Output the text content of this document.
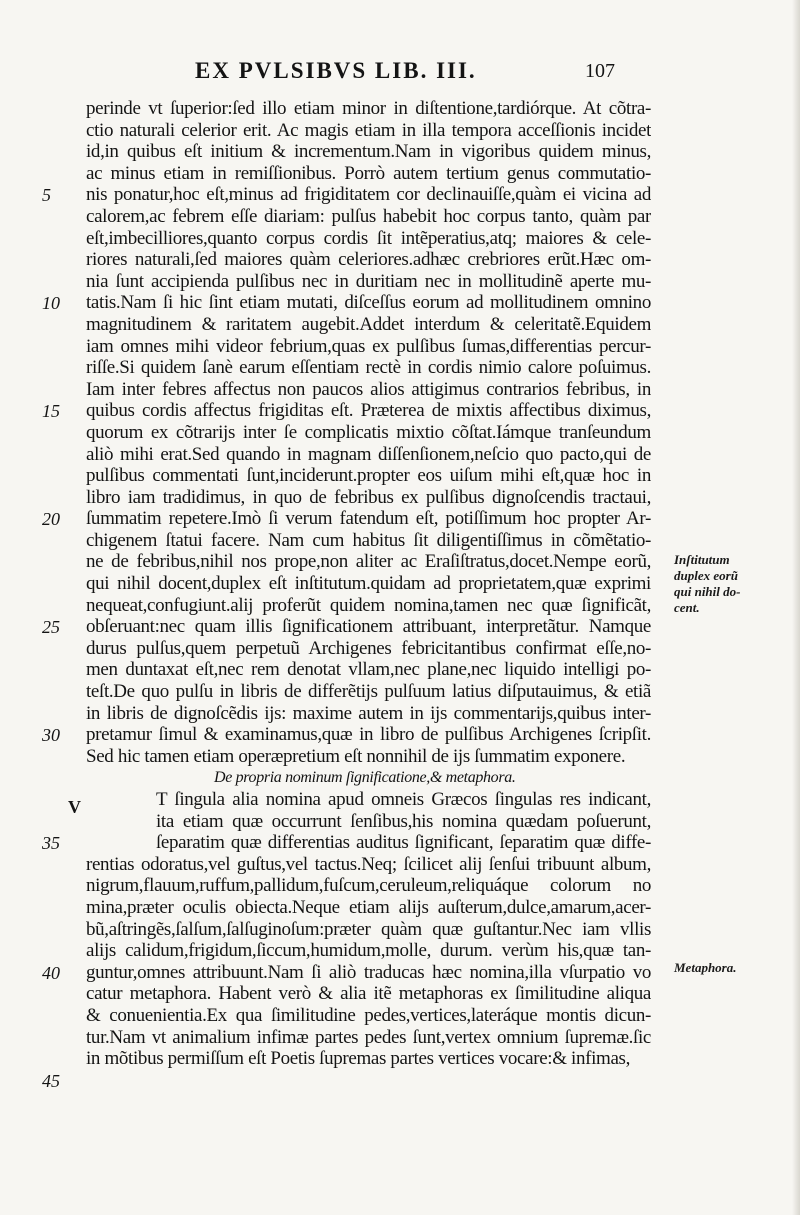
EX PVLSIBVS LIB. III.	107
perinde vt ſuperior:ſed illo etiam minor in diſtentione,tardiórque. At cõtra-
ctio naturali celerior erit. Ac magis etiam in illa tempora acceſſionis incidet
id,in quibus eſt initium & incrementum.Nam in vigoribus quidem minus,
ac minus etiam in remiſſionibus. Porrò autem tertium genus commutatio-
nis ponatur,hoc eſt,minus ad frigiditatem cor declinauiſſe,quàm ei vicina ad
calorem,ac febrem eſſe diariam: pulſus habebit hoc corpus tanto, quàm par
eſt,imbecilliores,quanto corpus cordis ſit intẽperatius,atq; maiores & cele-
riores naturali,ſed maiores quàm celeriores.adhæc crebriores erũt.Hæc om-
nia ſunt accipienda pulſibus nec in duritiam nec in mollitudinẽ aperte mu-
tatis.Nam ſi hic ſint etiam mutati, diſceſſus eorum ad mollitudinem omnino
magnitudinem & raritatem augebit.Addet interdum & celeritatẽ.Equidem
iam omnes mihi videor febrium,quas ex pulſibus ſumas,differentias percur-
riſſe.Si quidem ſanè earum eſſentiam rectè in cordis nimio calore poſuimus.
Iam inter febres affectus non paucos alios attigimus contrarios febribus, in
quibus cordis affectus frigiditas eſt. Præterea de mixtis affectibus diximus,
quorum ex cõtrarijs inter ſe complicatis mixtio cõſtat.Iámque tranſeundum
aliò mihi erat.Sed quando in magnam diſſenſionem,neſcio quo pacto,qui de
pulſibus commentati ſunt,inciderunt.propter eos uiſum mihi eſt,quæ hoc in
libro iam tradidimus, in quo de febribus ex pulſibus dignoſcendis tractaui,
ſummatim repetere.Imò ſi verum fatendum eſt, potiſſimum hoc propter Ar-
chigenem ſtatui facere. Nam cum habitus ſit diligentiſſimus in cõmẽtatio-
ne de febribus,nihil nos prope,non aliter ac Eraſiſtratus,docet.Nempe eorũ,
qui nihil docent,duplex eſt inſtitutum.quidam ad proprietatem,quæ exprimi
nequeat,confugiunt.alij proferũt quidem nomina,tamen nec quæ ſignificãt,
obſeruant:nec quam illis ſignificationem attribuant, interpretãtur. Namque
durus pulſus,quem perpetuũ Archigenes febricitantibus confirmat eſſe,no-
men duntaxat eſt,nec rem denotat vllam,nec plane,nec liquido intelligi po-
teſt.De quo pulſu in libris de differẽtijs pulſuum latius diſputauimus, & etiã
in libris de dignoſcẽdis ijs: maxime autem in ijs commentarijs,quibus inter-
pretamur ſimul & examinamus,quæ in libro de pulſibus Archigenes ſcripſit.
Sed hic tamen etiam operæpretium eſt nonnihil de ijs ſummatim exponere.
De propria nominum ſignificatione,& metaphora.
T ſingula alia nomina apud omneis Græcos ſingulas res indicant,
ita etiam quæ occurrunt ſenſibus,his nomina quædam poſuerunt,
ſeparatim quæ differentias auditus ſignificant, ſeparatim quæ diffe-
rentias odoratus,vel guſtus,vel tactus.Neq; ſcilicet alij ſenſui tribuunt album,
nigrum,flauum,ruffum,pallidum,fuſcum,ceruleum,reliquáque colorum no
mina,præter oculis obiecta.Neque etiam alijs auſterum,dulce,amarum,acer-
bũ,aſtringẽs,ſalſum,ſalſuginoſum:præter quàm quæ guſtantur.Nec iam vllis
alijs calidum,frigidum,ſiccum,humidum,molle, durum. verùm his,quæ tan-
guntur,omnes attribuunt.Nam ſi aliò traducas hæc nomina,illa vſurpatio vo
catur metaphora. Habent verò & alia itẽ metaphoras ex ſimilitudine aliqua
& conuenientia.Ex qua ſimilitudine pedes,vertices,lateráque montis dicun-
tur.Nam vt animalium infimæ partes pedes ſunt,vertex omnium ſupremæ.ſic
in mõtibus permiſſum eſt Poetis ſupremas partes vertices vocare:& infimas,
V
5
10
15
20
25
30
35
40
45
Inſtitutum
duplex eorũ
qui nihil do-
cent.
Metaphora.
